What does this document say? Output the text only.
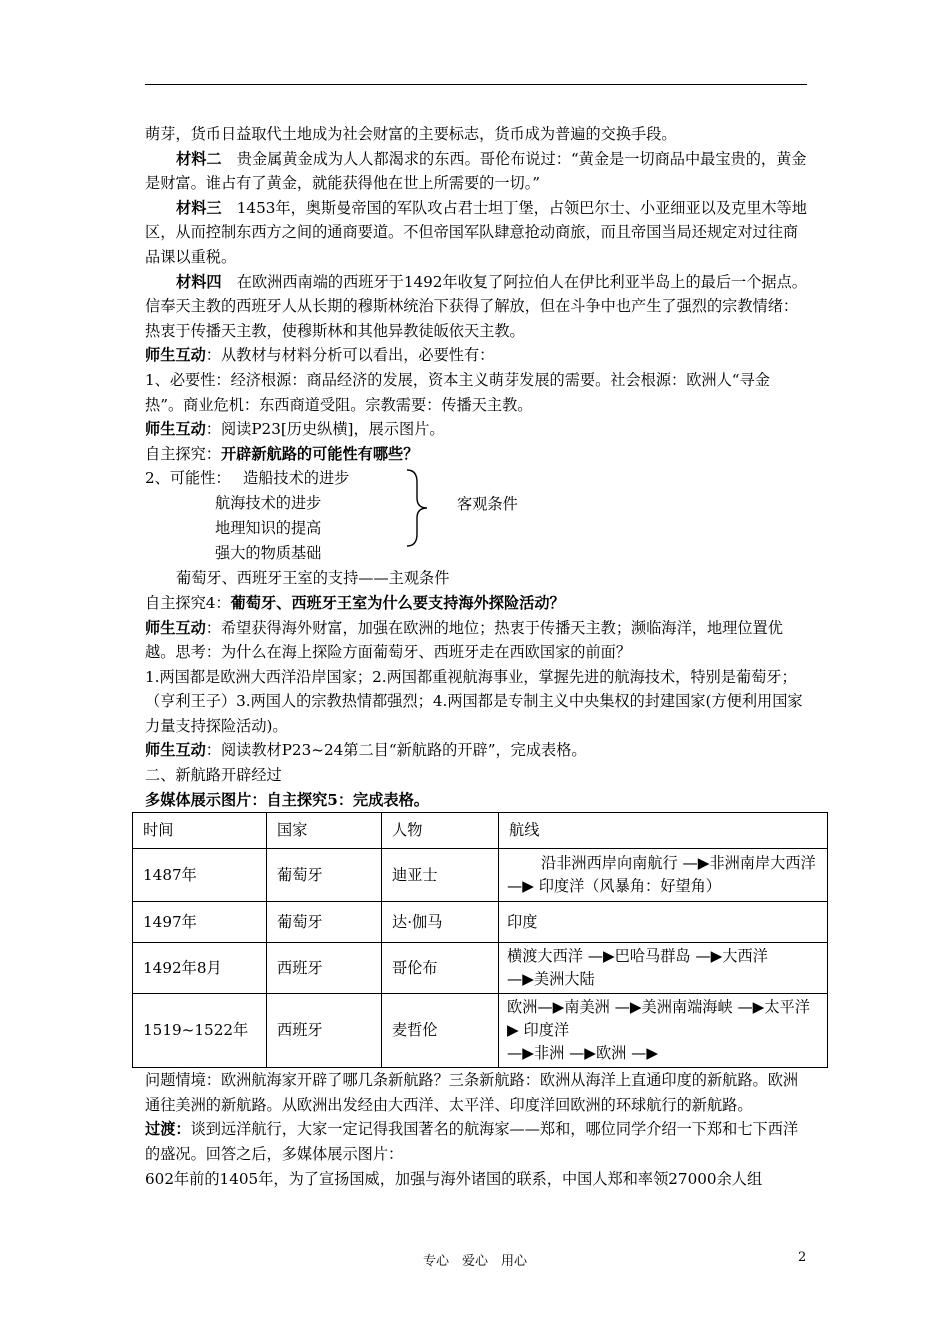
萌芽，货币日益取代土地成为社会财富的主要标志，货币成为普遍的交换手段。

材料二　 贵金属黄金成为人人都渴求的东西。哥伦布说过：“黄金是一切商品中最宝贵的，黄金是财富。谁占有了黄金，就能获得他在世上所需要的一切。”

材料三　 1453年，奥斯曼帝国的军队攻占君士坦丁堡，占领巴尔士、小亚细亚以及克里木等地区，从而控制东西方之间的通商要道。不但帝国军队肆意抢动商旅，而且帝国当局还规定对过往商品课以重税。

材料四　 在欧洲西南端的西班牙于1492年收复了阿拉伯人在伊比利亚半岛上的最后一个据点。信奉天主教的西班牙人从长期的穆斯林统治下获得了解放，但在斗争中也产生了强烈的宗教情绪：热衷于传播天主教，使穆斯林和其他异教徒皈依天主教。

师生互动：从教材与材料分析可以看出，必要性有：

1、必要性：经济根源：商品经济的发展，资本主义萌芽发展的需要。社会根源：欧洲人“寻金热”。商业危机：东西商道受阻。宗教需要：传播天主教。

师生互动：阅读P23[历史纵横]，展示图片。

自主探究：开辟新航路的可能性有哪些？

2、可能性： 造船技术的进步
航海技术的进步
地理知识的提高
强大的物质基础
客观条件

葡萄牙、西班牙王室的支持——主观条件

自主探究4：葡萄牙、西班牙王室为什么要支持海外探险活动？

师生互动：希望获得海外财富，加强在欧洲的地位；热衷于传播天主教；濒临海洋，地理位置优越。思考：为什么在海上探险方面葡萄牙、西班牙走在西欧国家的前面？

1.两国都是欧洲大西洋沿岸国家；2.两国都重视航海事业，掌握先进的航海技术，特别是葡萄牙；（亨利王子）3.两国人的宗教热情都强烈；4.两国都是专制主义中央集权的封建国家(方便利用国家力量支持探险活动)。

师生互动：阅读教材P23~24第二目“新航路的开辟”，完成表格。

二、新航路开辟经过

多媒体展示图片：自主探究5：完成表格。

时间	国家	人物	航线
1487年	葡萄牙	迪亚士	沿非洲西岸向南航行 —▶非洲南岸大西洋
—▶ 印度洋（风暴角：好望角）
1497年	葡萄牙	达·伽马	印度
1492年8月	西班牙	哥伦布	横渡大西洋 —▶巴哈马群岛 —▶大西洋
—▶美洲大陆
1519~1522年	西班牙	麦哲伦	欧洲—▶南美洲 —▶美洲南端海峡 —▶太平洋▶ 印度洋
—▶非洲 —▶欧洲 —▶

问题情境：欧洲航海家开辟了哪几条新航路？三条新航路：欧洲从海洋上直通印度的新航路。欧洲通往美洲的新航路。从欧洲出发经由大西洋、太平洋、印度洋回欧洲的环球航行的新航路。

过渡：谈到远洋航行，大家一定记得我国著名的航海家——郑和，哪位同学介绍一下郑和七下西洋的盛况。回答之后，多媒体展示图片：

602年前的1405年，为了宣扬国威，加强与海外诸国的联系，中国人郑和率领27000余人组

专心　爱心　用心	2
